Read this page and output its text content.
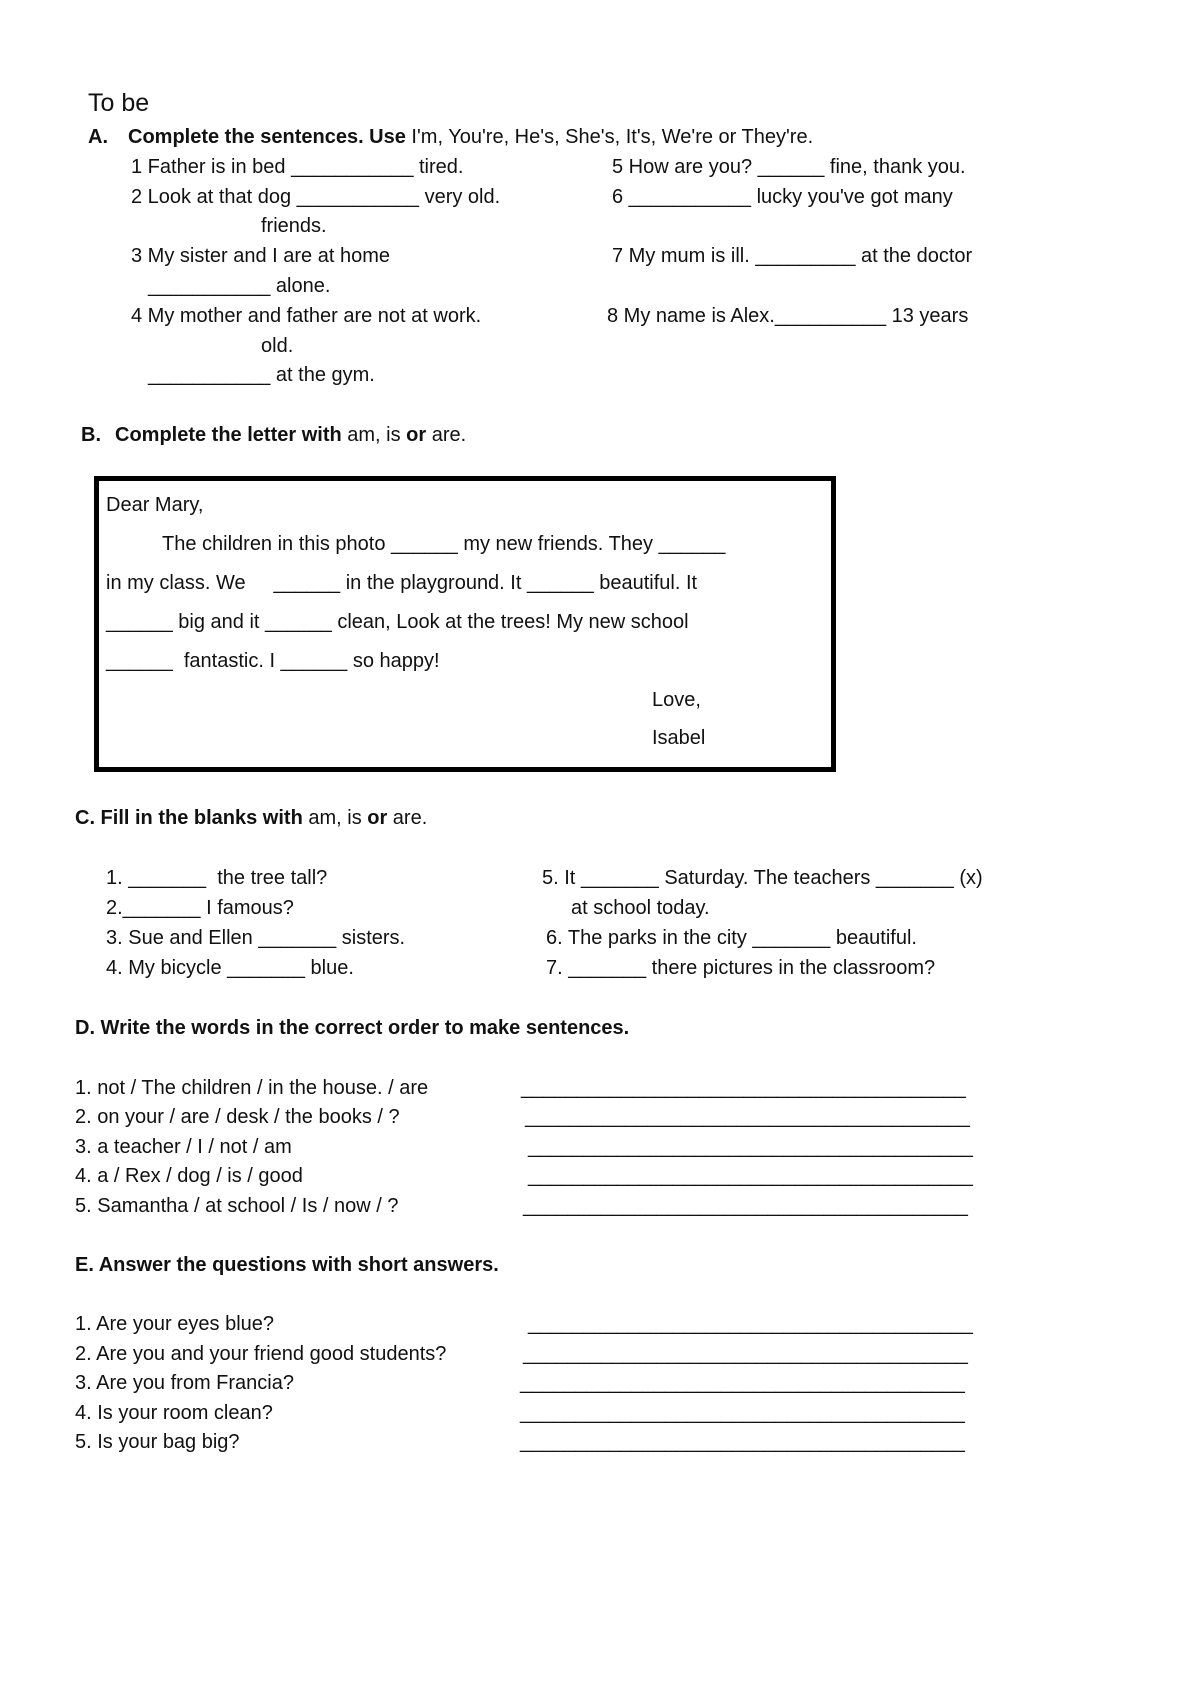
To be
A. Complete the sentences. Use I'm, You're, He's, She's, It's, We're or They're.
1 Father is in bed ___________ tired.
2 Look at that dog ___________ very old.
3 My sister and I are at home
___________ alone.
4 My mother and father are not at work.
___________ at the gym.
5 How are you? ______ fine, thank you.
6 ___________ lucky you've got many
friends.
7 My mum is ill. _________ at the doctor
8 My name is Alex.__________ 13 years
old.
B. Complete the letter with am, is or are.
Dear Mary,
The children in this photo ______ my new friends. They ______
in my class. We     ______ in the playground. It ______ beautiful. It
______ big and it ______ clean, Look at the trees! My new school
______  fantastic. I ______ so happy!
Love,
Isabel
C. Fill in the blanks with am, is or are.
1. _______  the tree tall?
2._______ I famous?
3. Sue and Ellen _______ sisters.
4. My bicycle _______ blue.
5. It _______ Saturday. The teachers _______ (x)
at school today.
6. The parks in the city _______ beautiful.
7. _______ there pictures in the classroom?
D. Write the words in the correct order to make sentences.
1. not / The children / in the house. / are	________________________________________
2. on your / are / desk / the books / ?	________________________________________
3. a teacher / I / not / am	________________________________________
4. a / Rex / dog / is / good	________________________________________
5. Samantha / at school / Is / now / ?	________________________________________
E. Answer the questions with short answers.
1. Are your eyes blue?	________________________________________
2. Are you and your friend good students?	________________________________________
3. Are you from Francia?	________________________________________
4. Is your room clean?	________________________________________
5. Is your bag big?	________________________________________
